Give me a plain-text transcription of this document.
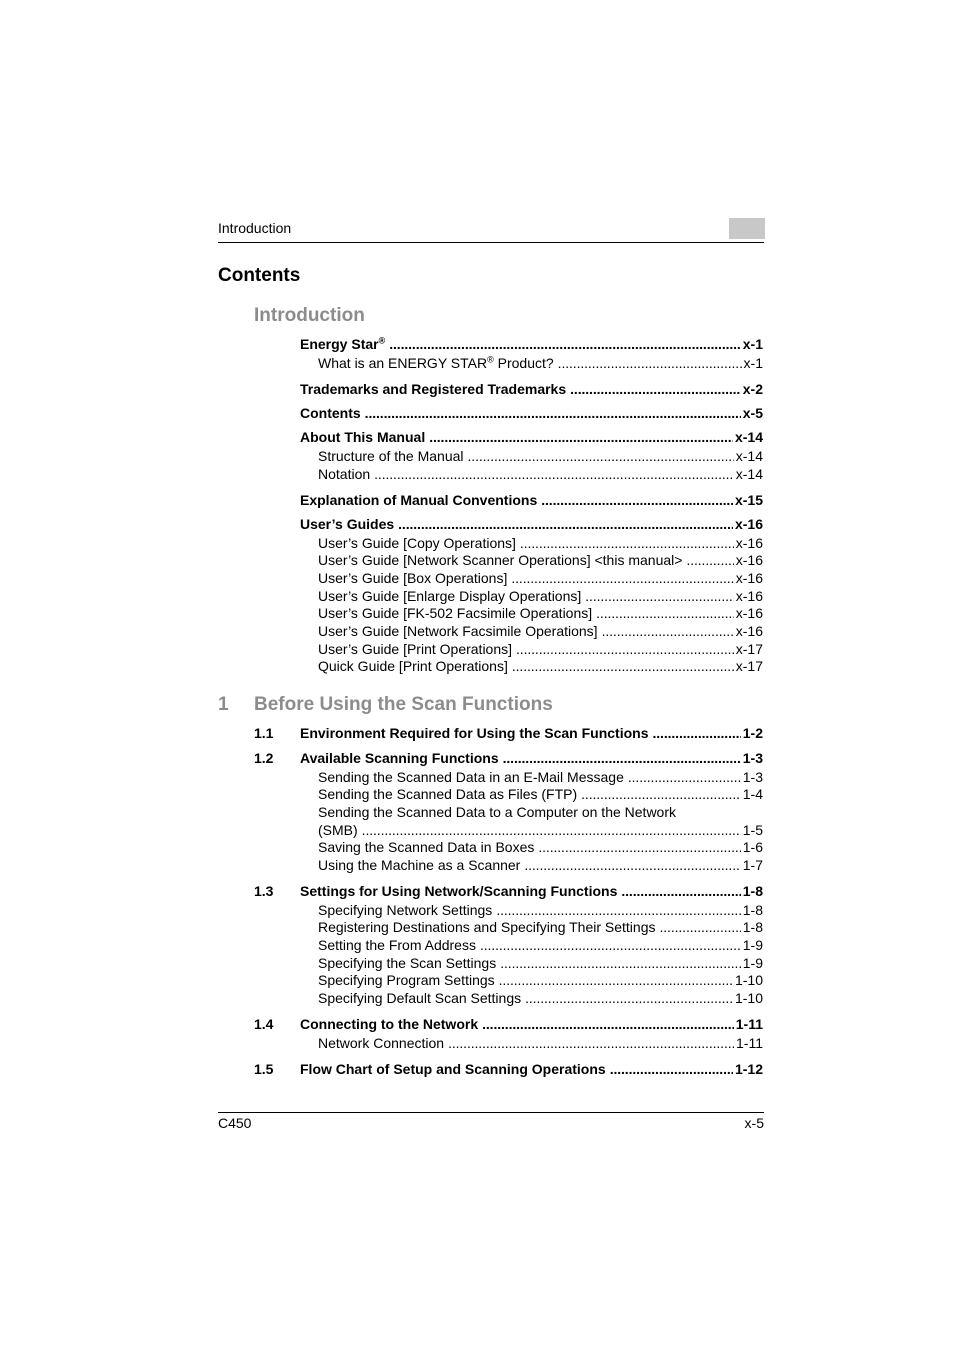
Introduction
Contents
Introduction
Energy Star® . . .	x-1
What is an ENERGY STAR® Product? . . .	x-1
Trademarks and Registered Trademarks . . .	x-2
Contents . . .	x-5
About This Manual . . .	x-14
Structure of the Manual . . .	x-14
Notation . . .	x-14
Explanation of Manual Conventions . . .	x-15
User’s Guides . . .	x-16
User’s Guide [Copy Operations] . . .	x-16
User’s Guide [Network Scanner Operations] <this manual> . . .	x-16
User’s Guide [Box Operations] . . .	x-16
User’s Guide [Enlarge Display Operations] . . .	x-16
User’s Guide [FK-502 Facsimile Operations] . . .	x-16
User’s Guide [Network Facsimile Operations] . . .	x-16
User’s Guide [Print Operations] . . .	x-17
Quick Guide [Print Operations] . . .	x-17
1 Before Using the Scan Functions
1.1 Environment Required for Using the Scan Functions . . .	1-2
1.2 Available Scanning Functions . . .	1-3
Sending the Scanned Data in an E-Mail Message . . .	1-3
Sending the Scanned Data as Files (FTP) . . .	1-4
Sending the Scanned Data to a Computer on the Network
(SMB) . . .	1-5
Saving the Scanned Data in Boxes . . .	1-6
Using the Machine as a Scanner . . .	1-7
1.3 Settings for Using Network/Scanning Functions . . .	1-8
Specifying Network Settings . . .	1-8
Registering Destinations and Specifying Their Settings . . .	1-8
Setting the From Address . . .	1-9
Specifying the Scan Settings . . .	1-9
Specifying Program Settings . . .	1-10
Specifying Default Scan Settings . . .	1-10
1.4 Connecting to the Network . . .	1-11
Network Connection . . .	1-11
1.5 Flow Chart of Setup and Scanning Operations . . .	1-12
C450	x-5
